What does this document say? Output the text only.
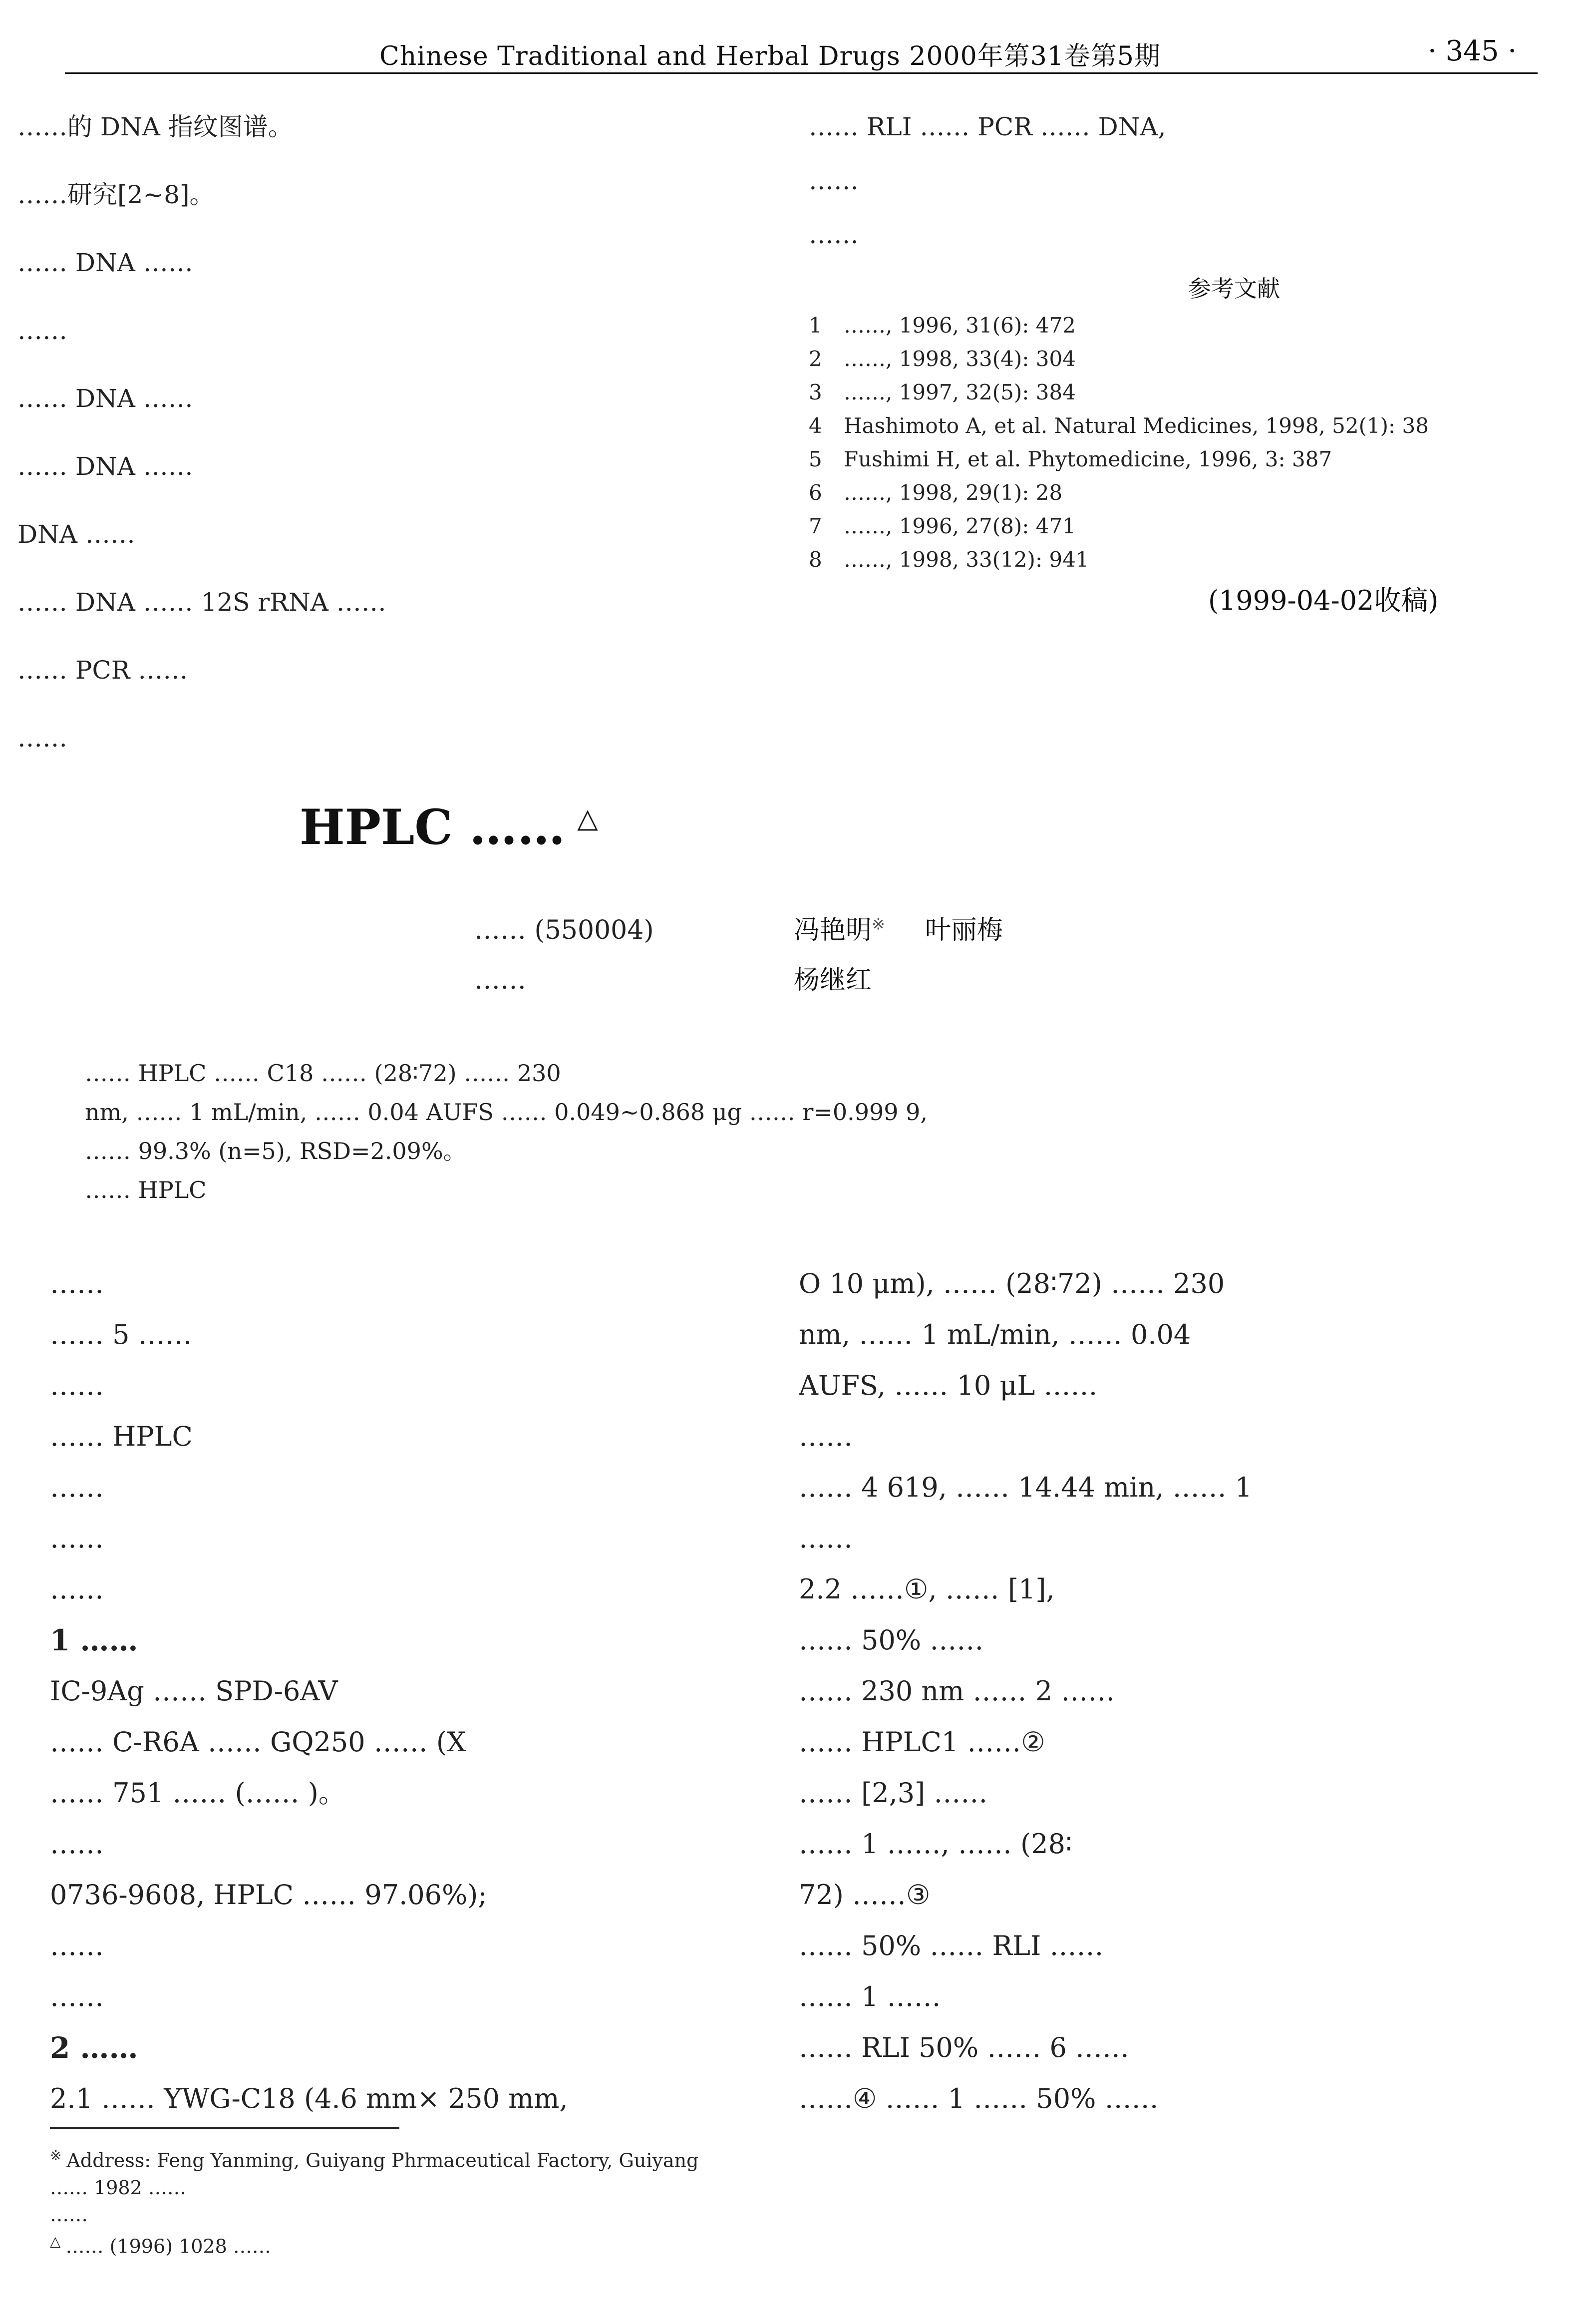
Chinese Traditional and Herbal Drugs 2000年第31卷第5期	· 345 ·

……的 DNA 指纹图谱。

……研究[2~8]。

…… DNA ……

……

…… DNA ……

…… DNA ……

DNA ……

…… DNA …… 12S rRNA ……

…… PCR ……

……

…… RLI …… PCR …… DNA,

……

……

参考文献
1 ……, 1996, 31(6): 472
2 ……, 1998, 33(4): 304
3 ……, 1997, 32(5): 384
4 Hashimoto A, et al. Natural Medicines, 1998, 52(1): 38
5 Fushimi H, et al. Phytomedicine, 1996, 3: 387
6 ……, 1998, 29(1): 28
7 ……, 1996, 27(8): 471
8 ……, 1998, 33(12): 941
(1999-04-02收稿)
HPLC …… △
…… (550004)	冯艳明※ 叶丽梅
……	杨继红

…… HPLC …… C18 …… (28∶72) …… 230

nm, …… 1 mL/min, …… 0.04 AUFS …… 0.049~0.868 μg …… r=0.999 9,

…… 99.3% (n=5), RSD=2.09%。

…… HPLC

……

…… 5 ……

……

…… HPLC

……

……

……

1 ……

IC-9Ag …… SPD-6AV

…… C-R6A …… GQ250 …… (X

…… 751 …… (…… )。

……

0736-9608, HPLC …… 97.06%);

……

……

2 ……

2.1 …… YWG-C18 (4.6 mm× 250 mm,

O 10 μm), …… (28∶72) …… 230

nm, …… 1 mL/min, …… 0.04

AUFS, …… 10 μL ……

……

…… 4 619, …… 14.44 min, …… 1

……

2.2 ……①, …… [1],

…… 50% ……

…… 230 nm …… 2 ……

…… HPLC1 ……②

…… [2,3] ……

…… 1 ……, …… (28∶

72) ……③

…… 50% …… RLI ……

…… 1 ……

…… RLI 50% …… 6 ……

……④ …… 1 …… 50% ……

※ Address: Feng Yanming, Guiyang Phrmaceutical Factory, Guiyang

…… 1982 ……

……

△ …… (1996) 1028 ……
